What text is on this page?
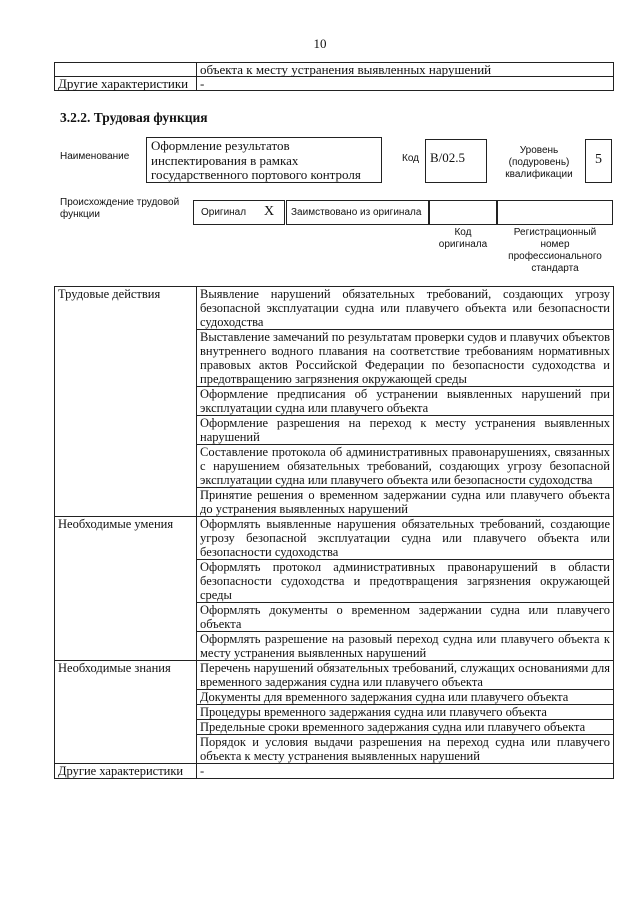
10
	объекта к месту устранения выявленных нарушений
Другие характеристики	-
3.2.2. Трудовая функция
Наименование
Оформление результатов инспектирования в рамках государственного портового контроля
Код B/02.5	Уровень (подуровень) квалификации
5
Происхождение трудовой функции	Оригинал X	Заимствовано из оригинала
Код оригинала
Регистрационный номер профессионального стандарта
Трудовые действия	Выявление нарушений обязательных требований, создающих угрозу безопасной эксплуатации судна или плавучего объекта или безопасности судоходства
	Выставление замечаний по результатам проверки судов и плавучих объектов внутреннего водного плавания на соответствие требованиям нормативных правовых актов Российской Федерации по безопасности судоходства и предотвращению загрязнения окружающей среды
	Оформление предписания об устранении выявленных нарушений при эксплуатации судна или плавучего объекта
	Оформление разрешения на переход к месту устранения выявленных нарушений
	Составление протокола об административных правонарушениях, связанных с нарушением обязательных требований, создающих угрозу безопасной эксплуатации судна или плавучего объекта или безопасности судоходства
	Принятие решения о временном задержании судна или плавучего объекта до устранения выявленных нарушений
Необходимые умения	Оформлять выявленные нарушения обязательных требований, создающие угрозу безопасной эксплуатации судна или плавучего объекта или безопасности судоходства
	Оформлять протокол административных правонарушений в области безопасности судоходства и предотвращения загрязнения окружающей среды
	Оформлять документы о временном задержании судна или плавучего объекта
	Оформлять разрешение на разовый переход судна или плавучего объекта к месту устранения выявленных нарушений
Необходимые знания	Перечень нарушений обязательных требований, служащих основаниями для временного задержания судна или плавучего объекта
	Документы для временного задержания судна или плавучего объекта
	Процедуры временного задержания судна или плавучего объекта
	Предельные сроки временного задержания судна или плавучего объекта
	Порядок и условия выдачи разрешения на переход судна или плавучего объекта к месту устранения выявленных нарушений
Другие характеристики	-
